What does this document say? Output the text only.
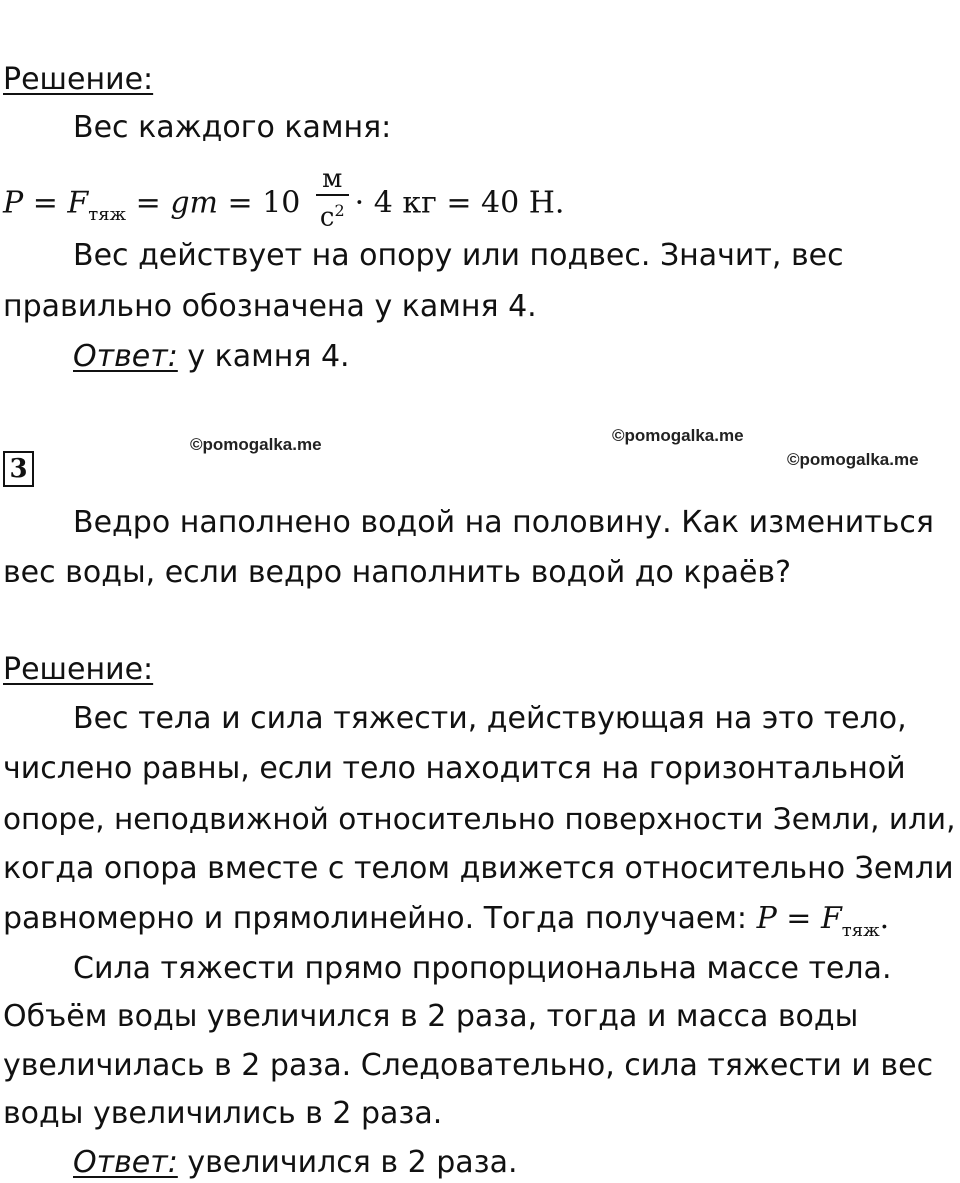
Решение:
Вес каждого камня:
$P = F_{тяж}$ = gm = $10 \frac{м}{с^2} \cdot 4$ кг = 40 Н.
Вес действует на опору или подвес. Значит, вес
правильно обозначена у камня 4.
Ответ: у камня 4.
©pomogalka.me	©pomogalka.me
©pomogalka.me
3
Ведро наполнено водой на половину. Как измениться
вес воды, если ведро наполнить водой до краёв?
Решение:
Вес тела и сила тяжести, действующая на это тело,
числено равны, если тело находится на горизонтальной
опоре, неподвижной относительно поверхности Земли, или,
когда опора вместе с телом движется относительно Земли
равномерно и прямолинейно. Тогда получаем: $P = F_{тяж}$.
Сила тяжести прямо пропорциональна массе тела.
Объём воды увеличился в 2 раза, тогда и масса воды
увеличилась в 2 раза. Следовательно, сила тяжести и вес
воды увеличились в 2 раза.
Ответ: увеличился в 2 раза.
